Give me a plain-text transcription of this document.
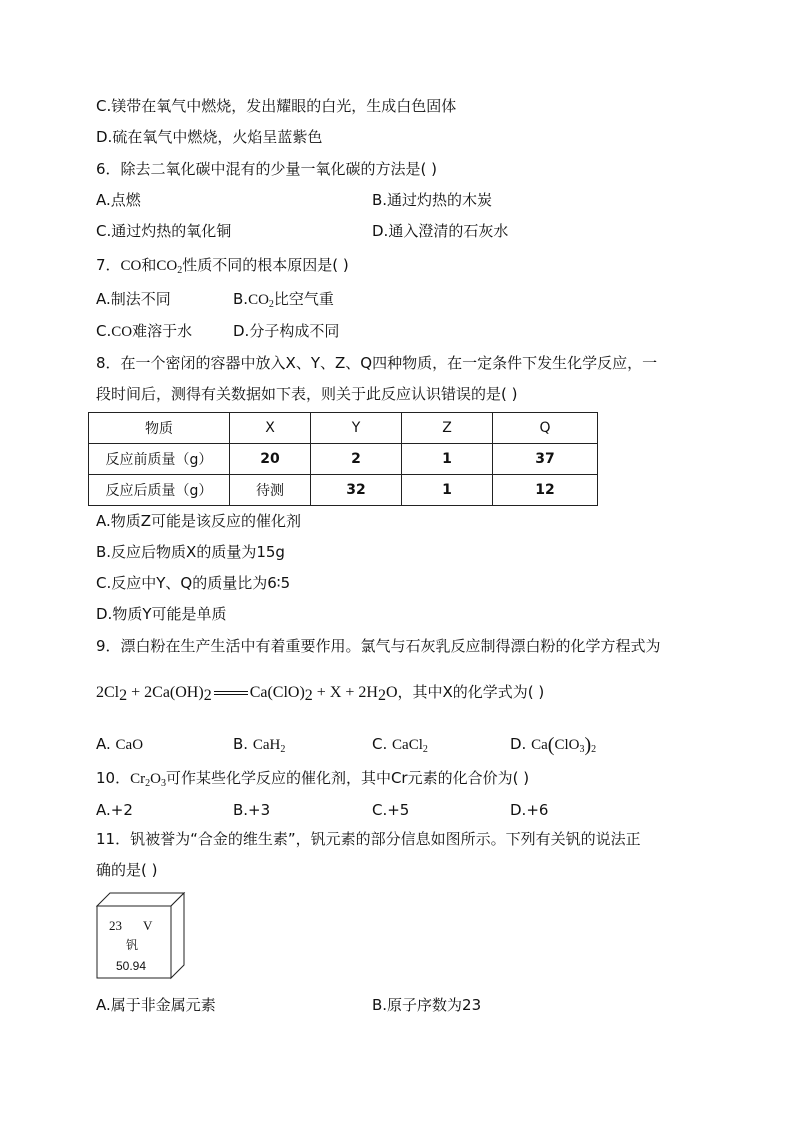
C.镁带在氧气中燃烧，发出耀眼的白光，生成白色固体
D.硫在氧气中燃烧，火焰呈蓝紫色
6．除去二氧化碳中混有的少量一氧化碳的方法是( )
A.点燃	B.通过灼热的木炭
C.通过灼热的氧化铜	D.通入澄清的石灰水
7．CO和$CO_2$性质不同的根本原因是( )
A.制法不同	$B.CO_2$比空气重
C.CO难溶于水	D.分子构成不同
8．在一个密闭的容器中放入X、Y、Z、Q四种物质，在一定条件下发生化学反应，一
段时间后，测得有关数据如下表，则关于此反应认识错误的是( )
物质	X	Y	Z	Q
反应前质量（g）	20	2	1	37
反应后质量（g）	待测	32	1	12
A.物质Z可能是该反应的催化剂
B.反应后物质X的质量为15g
C.反应中Y、Q的质量比为6∶5
D.物质Y可能是单质
9．漂白粉在生产生活中有着重要作用。氯气与石灰乳反应制得漂白粉的化学方程式为
$2Cl_2 + 2Ca(OH)_2$ $Ca(ClO)_2 + X + 2H_2O$，其中X的化学式为( )
A. CaO	B. CaH$_2$	C. CaCl$_2$	D. $Ca(ClO_3)_2$
10．$Cr_2O_3$可作某些化学反应的催化剂，其中Cr元素的化合价为( )
A.+2	B.+3	C.+5	D.+6
11．钒被誉为“合金的维生素”，钒元素的部分信息如图所示。下列有关钒的说法正
确的是( )
23 V
钒
50.94
A.属于非金属元素	B.原子序数为23
